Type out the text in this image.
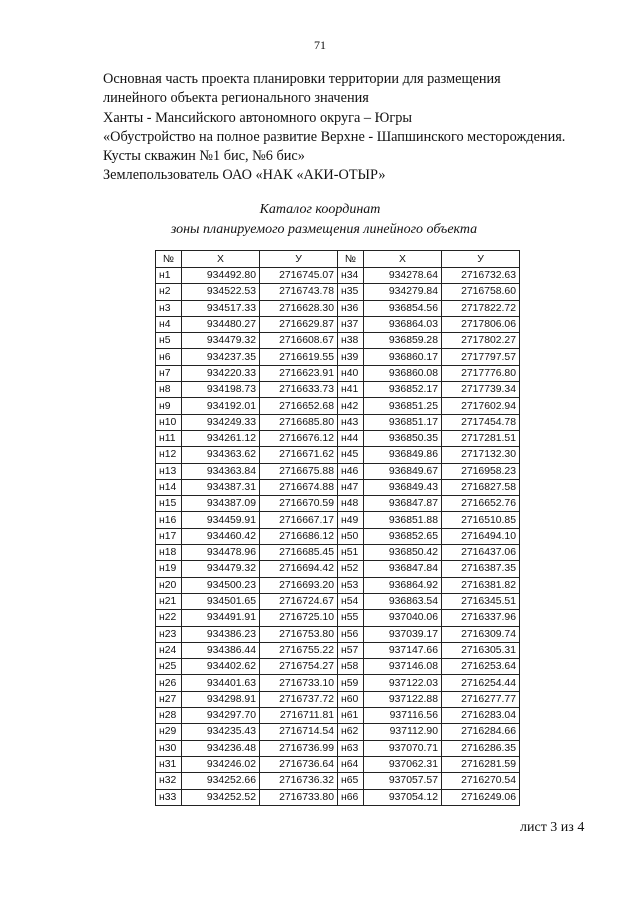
71
Основная часть проекта планировки территории для размещения
линейного объекта регионального значения
Ханты - Мансийского автономного округа – Югры
«Обустройство на полное развитие Верхне - Шапшинского месторождения.
Кусты скважин №1 бис, №6 бис»
Землепользователь ОАО «НАК «АКИ-ОТЫР»
Каталог координат
зоны планируемого размещения линейного объекта
№	Х	У	№	Х	У
н1	934492.80	2716745.07	н34	934278.64	2716732.63
н2	934522.53	2716743.78	н35	934279.84	2716758.60
н3	934517.33	2716628.30	н36	936854.56	2717822.72
н4	934480.27	2716629.87	н37	936864.03	2717806.06
н5	934479.32	2716608.67	н38	936859.28	2717802.27
н6	934237.35	2716619.55	н39	936860.17	2717797.57
н7	934220.33	2716623.91	н40	936860.08	2717776.80
н8	934198.73	2716633.73	н41	936852.17	2717739.34
н9	934192.01	2716652.68	н42	936851.25	2717602.94
н10	934249.33	2716685.80	н43	936851.17	2717454.78
н11	934261.12	2716676.12	н44	936850.35	2717281.51
н12	934363.62	2716671.62	н45	936849.86	2717132.30
н13	934363.84	2716675.88	н46	936849.67	2716958.23
н14	934387.31	2716674.88	н47	936849.43	2716827.58
н15	934387.09	2716670.59	н48	936847.87	2716652.76
н16	934459.91	2716667.17	н49	936851.88	2716510.85
н17	934460.42	2716686.12	н50	936852.65	2716494.10
н18	934478.96	2716685.45	н51	936850.42	2716437.06
н19	934479.32	2716694.42	н52	936847.84	2716387.35
н20	934500.23	2716693.20	н53	936864.92	2716381.82
н21	934501.65	2716724.67	н54	936863.54	2716345.51
н22	934491.91	2716725.10	н55	937040.06	2716337.96
н23	934386.23	2716753.80	н56	937039.17	2716309.74
н24	934386.44	2716755.22	н57	937147.66	2716305.31
н25	934402.62	2716754.27	н58	937146.08	2716253.64
н26	934401.63	2716733.10	н59	937122.03	2716254.44
н27	934298.91	2716737.72	н60	937122.88	2716277.77
н28	934297.70	2716711.81	н61	937116.56	2716283.04
н29	934235.43	2716714.54	н62	937112.90	2716284.66
н30	934236.48	2716736.99	н63	937070.71	2716286.35
н31	934246.02	2716736.64	н64	937062.31	2716281.59
н32	934252.66	2716736.32	н65	937057.57	2716270.54
н33	934252.52	2716733.80	н66	937054.12	2716249.06
лист 3 из 4
